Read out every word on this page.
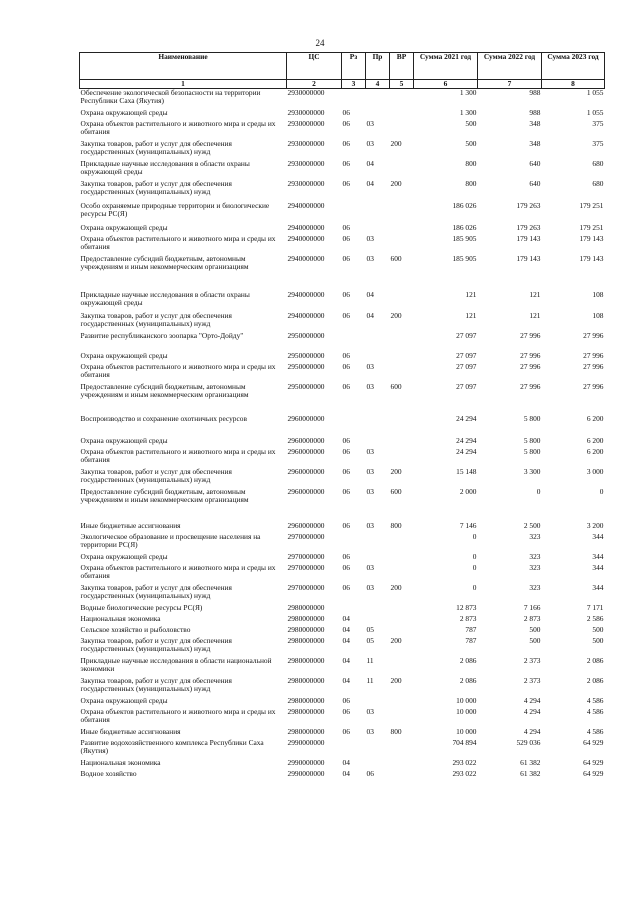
24
Наименование	ЦС	Рз	Пр	ВР	Сумма 2021 год	Сумма 2022 год	Сумма 2023 год
1	2	3	4	5	6	7	8
Обеспечение экологической безопасности на территории Республики Саха (Якутия)	2930000000				1 300	988	1 055
Охрана окружающей среды	2930000000	06			1 300	988	1 055
Охрана объектов растительного и животного мира и среды их обитания	2930000000	06	03		500	348	375
Закупка товаров, работ и услуг для обеспечения государственных (муниципальных) нужд	2930000000	06	03	200	500	348	375
Прикладные научные исследования в области охраны окружающей среды	2930000000	06	04		800	640	680
Закупка товаров, работ и услуг для обеспечения государственных (муниципальных) нужд	2930000000	06	04	200	800	640	680
Особо охраняемые природные территории и биологические ресурсы РС(Я)	2940000000				186 026	179 263	179 251
Охрана окружающей среды	2940000000	06			186 026	179 263	179 251
Охрана объектов растительного и животного мира и среды их обитания	2940000000	06	03		185 905	179 143	179 143
Предоставление субсидий бюджетным, автономным учреждениям и иным некоммерческим организациям	2940000000	06	03	600	185 905	179 143	179 143
Прикладные научные исследования в области охраны окружающей среды	2940000000	06	04		121	121	108
Закупка товаров, работ и услуг для обеспечения государственных (муниципальных) нужд	2940000000	06	04	200	121	121	108
Развитие республиканского зоопарка "Орто-Дойду"	2950000000				27 097	27 996	27 996
Охрана окружающей среды	2950000000	06			27 097	27 996	27 996
Охрана объектов растительного и животного мира и среды их обитания	2950000000	06	03		27 097	27 996	27 996
Предоставление субсидий бюджетным, автономным учреждениям и иным некоммерческим организациям	2950000000	06	03	600	27 097	27 996	27 996
Воспроизводство и сохранение охотничьих ресурсов	2960000000				24 294	5 800	6 200
Охрана окружающей среды	2960000000	06			24 294	5 800	6 200
Охрана объектов растительного и животного мира и среды их обитания	2960000000	06	03		24 294	5 800	6 200
Закупка товаров, работ и услуг для обеспечения государственных (муниципальных) нужд	2960000000	06	03	200	15 148	3 300	3 000
Предоставление субсидий бюджетным, автономным учреждениям и иным некоммерческим организациям	2960000000	06	03	600	2 000	0	0
Иные бюджетные ассигнования	2960000000	06	03	800	7 146	2 500	3 200
Экологическое образование и просвещение населения на территории РС(Я)	2970000000				0	323	344
Охрана окружающей среды	2970000000	06			0	323	344
Охрана объектов растительного и животного мира и среды их обитания	2970000000	06	03		0	323	344
Закупка товаров, работ и услуг для обеспечения государственных (муниципальных) нужд	2970000000	06	03	200	0	323	344
Водные биологические ресурсы РС(Я)	2980000000				12 873	7 166	7 171
Национальная экономика	2980000000	04			2 873	2 873	2 586
Сельское хозяйство и рыболовство	2980000000	04	05		787	500	500
Закупка товаров, работ и услуг для обеспечения государственных (муниципальных) нужд	2980000000	04	05	200	787	500	500
Прикладные научные исследования в области национальной экономики	2980000000	04	11		2 086	2 373	2 086
Закупка товаров, работ и услуг для обеспечения государственных (муниципальных) нужд	2980000000	04	11	200	2 086	2 373	2 086
Охрана окружающей среды	2980000000	06			10 000	4 294	4 586
Охрана объектов растительного и животного мира и среды их обитания	2980000000	06	03		10 000	4 294	4 586
Иные бюджетные ассигнования	2980000000	06	03	800	10 000	4 294	4 586
Развитие водохозяйственного комплекса Республики Саха (Якутия)	2990000000				704 894	529 036	64 929
Национальная экономика	2990000000	04			293 022	61 382	64 929
Водное хозяйство	2990000000	04	06		293 022	61 382	64 929
